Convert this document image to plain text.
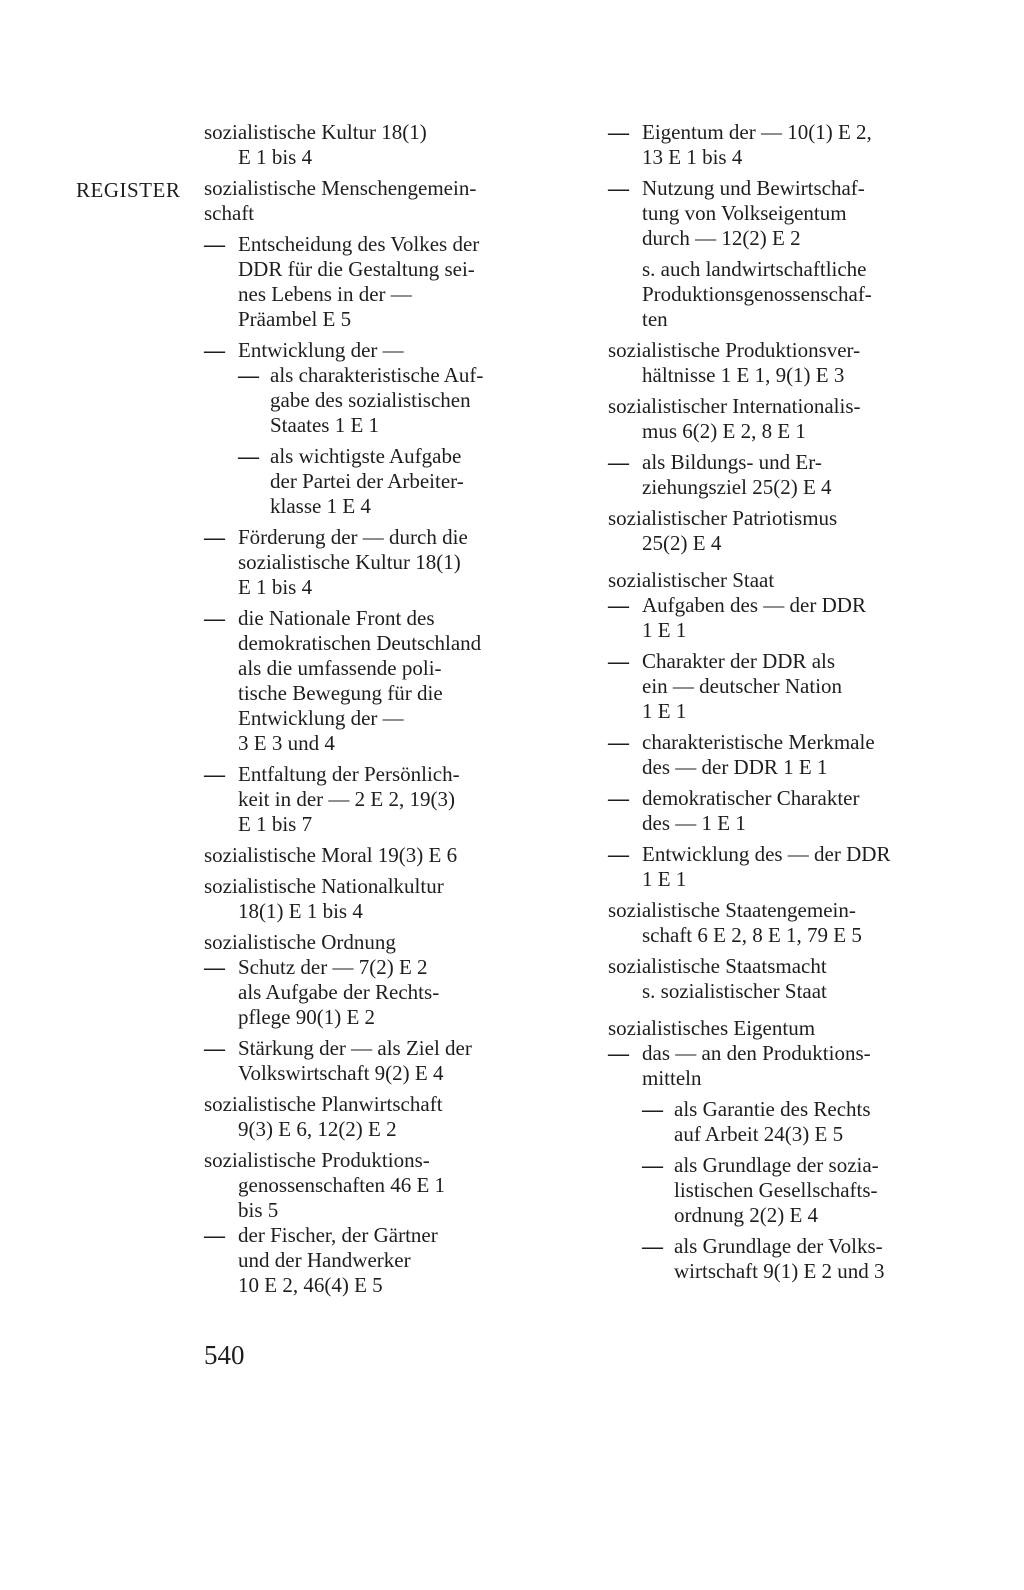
REGISTER
sozialistische Kultur 18(1)
E 1 bis 4
sozialistische Menschengemein-
schaft
— Entscheidung des Volkes der
DDR für die Gestaltung sei-
nes Lebens in der —
Präambel E 5
— Entwicklung der —
— als charakteristische Auf-
gabe des sozialistischen
Staates 1 E 1
— als wichtigste Aufgabe
der Partei der Arbeiter-
klasse 1 E 4
— Förderung der — durch die
sozialistische Kultur 18(1)
E 1 bis 4
— die Nationale Front des
demokratischen Deutschland
als die umfassende poli-
tische Bewegung für die
Entwicklung der —
3 E 3 und 4
— Entfaltung der Persönlich-
keit in der — 2 E 2, 19(3)
E 1 bis 7
sozialistische Moral 19(3) E 6
sozialistische Nationalkultur
18(1) E 1 bis 4
sozialistische Ordnung
— Schutz der — 7(2) E 2
als Aufgabe der Rechts-
pflege 90(1) E 2
— Stärkung der — als Ziel der
Volkswirtschaft 9(2) E 4
sozialistische Planwirtschaft
9(3) E 6, 12(2) E 2
sozialistische Produktions-
genossenschaften 46 E 1
bis 5
— der Fischer, der Gärtner
und der Handwerker
10 E 2, 46(4) E 5
— Eigentum der — 10(1) E 2,
13 E 1 bis 4
— Nutzung und Bewirtschaf-
tung von Volkseigentum
durch — 12(2) E 2
s. auch landwirtschaftliche
Produktionsgenossenschaf-
ten
sozialistische Produktionsver-
hältnisse 1 E 1, 9(1) E 3
sozialistischer Internationalis-
mus 6(2) E 2, 8 E 1
— als Bildungs- und Er-
ziehungsziel 25(2) E 4
sozialistischer Patriotismus
25(2) E 4
sozialistischer Staat
— Aufgaben des — der DDR
1 E 1
— Charakter der DDR als
ein — deutscher Nation
1 E 1
— charakteristische Merkmale
des — der DDR 1 E 1
— demokratischer Charakter
des — 1 E 1
— Entwicklung des — der DDR
1 E 1
sozialistische Staatengemein-
schaft 6 E 2, 8 E 1, 79 E 5
sozialistische Staatsmacht
s. sozialistischer Staat
sozialistisches Eigentum
— das — an den Produktions-
mitteln
— als Garantie des Rechts
auf Arbeit 24(3) E 5
— als Grundlage der sozia-
listischen Gesellschafts-
ordnung 2(2) E 4
— als Grundlage der Volks-
wirtschaft 9(1) E 2 und 3
540
